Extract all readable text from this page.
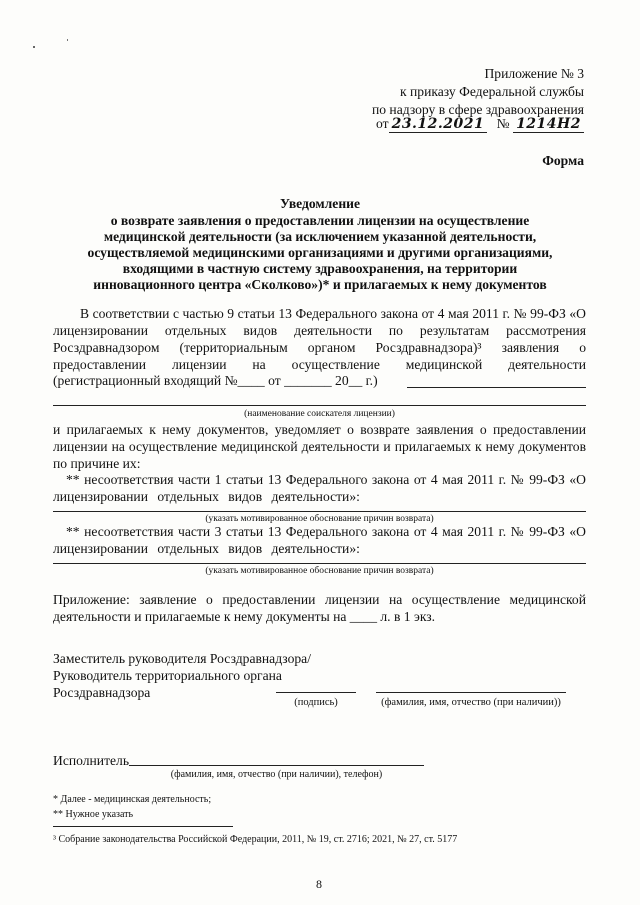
Приложение № 3
к приказу Федеральной службы
по надзору в сфере здравоохранения
от 23.12.2021 № 1214Н2
Форма
Уведомление
о возврате заявления о предоставлении лицензии на осуществление
медицинской деятельности (за исключением указанной деятельности,
осуществляемой медицинскими организациями и другими организациями,
входящими в частную систему здравоохранения, на территории
инновационного центра «Сколково»)* и прилагаемых к нему документов
В соответствии с частью 9 статьи 13 Федерального закона от 4 мая 2011 г. № 99-ФЗ «О
лицензировании отдельных видов деятельности по результатам рассмотрения
Росздравнадзором (территориальным органом Росздравнадзора)³ заявления о
предоставлении лицензии на осуществление медицинской деятельности
(регистрационный входящий №____ от _______ 20__ г.)
(наименование соискателя лицензии)
и прилагаемых к нему документов, уведомляет о возврате заявления о предоставлении
лицензии на осуществление медицинской деятельности и прилагаемых к нему документов
по причине их:
** несоответствия части 1 статьи 13 Федерального закона от 4 мая 2011 г. № 99-ФЗ «О
лицензировании отдельных видов деятельности»:
(указать мотивированное обоснование причин возврата)
** несоответствия части 3 статьи 13 Федерального закона от 4 мая 2011 г. № 99-ФЗ «О
лицензировании отдельных видов деятельности»:
(указать мотивированное обоснование причин возврата)
Приложение: заявление о предоставлении лицензии на осуществление медицинской
деятельности и прилагаемые к нему документы на ____ л. в 1 экз.
Заместитель руководителя Росздравнадзора/
Руководитель территориального органа
Росздравнадзора
(подпись)	(фамилия, имя, отчество (при наличии))
Исполнитель
(фамилия, имя, отчество (при наличии), телефон)
* Далее - медицинская деятельность;
** Нужное указать
³ Собрание законодательства Российской Федерации, 2011, № 19, ст. 2716; 2021, № 27, ст. 5177
8
